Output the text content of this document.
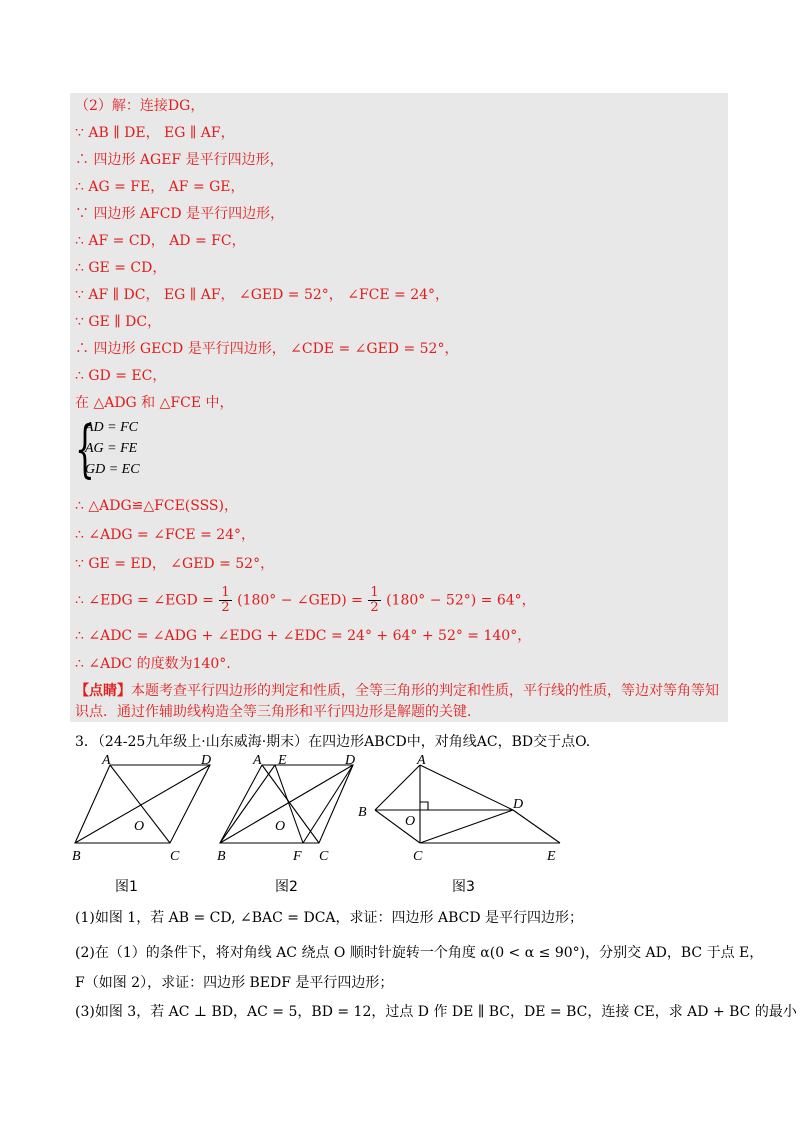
（2）解：连接DG，
∵ AB ∥ DE， EG ∥ AF，
∴ 四边形 AGEF 是平行四边形，
∴ AG = FE， AF = GE，
∵ 四边形 AFCD 是平行四边形，
∴ AF = CD， AD = FC，
∴ GE = CD，
∵ AF ∥ DC， EG ∥ AF， ∠GED = 52°， ∠FCE = 24°，
∵ GE ∥ DC，
∴ 四边形 GECD 是平行四边形， ∠CDE = ∠GED = 52°，
∴ GD = EC，
在 △ADG 和 △FCE 中，
{
AD = FC
AG = FE
GD = EC
∴ △ADG≌△FCE(SSS)，
∴ ∠ADG = ∠FCE = 24°，
∵ GE = ED， ∠GED = 52°，
∴ ∠EDG = ∠EGD = $\frac{1}{2} (180^\circ$ − ∠GED) = $\frac{1}{2} (180^\circ - 52^\circ) = 64^\circ$，
∴ ∠ADC = ∠ADG + ∠EDG + ∠EDC = 24° + 64° + 52° = 140°，
∴ ∠ADC 的度数为140°.
【点睛】本题考查平行四边形的判定和性质，全等三角形的判定和性质，平行线的性质，等边对等角等知
识点．通过作辅助线构造全等三角形和平行四边形是解题的关键．
3．（24-25九年级上·山东威海·期末）在四边形ABCD中，对角线AC，BD交于点O.
A	D
O
B	C
A E	D
O
B	F C
A
B
O
D
C	E
图1	图2	图3
(1)如图 1，若 AB = CD, ∠BAC = DCA，求证：四边形 ABCD 是平行四边形；
(2)在（1）的条件下，将对角线 AC 绕点 O 顺时针旋转一个角度 α(0 < α ≤ 90°)，分别交 AD，BC 于点 E，
F（如图 2），求证：四边形 BEDF 是平行四边形；
(3)如图 3，若 AC ⊥ BD，AC = 5，BD = 12，过点 D 作 DE ∥ BC，DE = BC，连接 CE，求 AD + BC 的最小
